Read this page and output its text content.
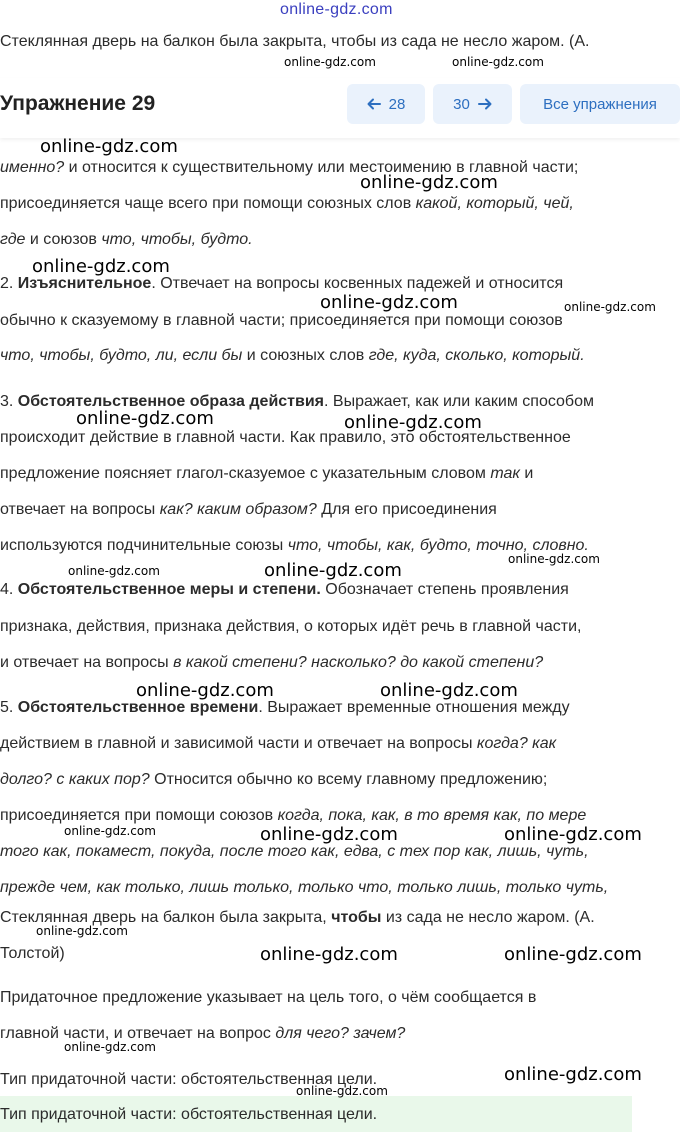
online-gdz.com
Стеклянная дверь на балкон была закрыта, чтобы из сада не несло жаром. (А.
Упражнение 29	28	30	Все упражнения
именно? и относится к существительному или местоимению в главной части;
присоединяется чаще всего при помощи союзных слов какой, который, чей,
где и союзов что, чтобы, будто.
2. Изъяснительное. Отвечает на вопросы косвенных падежей и относится
обычно к сказуемому в главной части; присоединяется при помощи союзов
что, чтобы, будто, ли, если бы и союзных слов где, куда, сколько, который.
3. Обстоятельственное образа действия. Выражает, как или каким способом
происходит действие в главной части. Как правило, это обстоятельственное
предложение поясняет глагол-сказуемое с указательным словом так и
отвечает на вопросы как? каким образом? Для его присоединения
используются подчинительные союзы что, чтобы, как, будто, точно, словно.
4. Обстоятельственное меры и степени. Обозначает степень проявления
признака, действия, признака действия, о которых идёт речь в главной части,
и отвечает на вопросы в какой степени? насколько? до какой степени?
5. Обстоятельственное времени. Выражает временные отношения между
действием в главной и зависимой части и отвечает на вопросы когда? как
долго? с каких пор? Относится обычно ко всему главному предложению;
присоединяется при помощи союзов когда, пока, как, в то время как, по мере
того как, покамест, покуда, после того как, едва, с тех пор как, лишь, чуть,
прежде чем, как только, лишь только, только что, только лишь, только чуть,
Стеклянная дверь на балкон была закрыта, чтобы из сада не несло жаром. (А.
Толстой)
Придаточное предложение указывает на цель того, о чём сообщается в
главной части, и отвечает на вопрос для чего? зачем?
Тип придаточной части: обстоятельственная цели.
Тип придаточной части: обстоятельственная цели.
online-gdz.com	online-gdz.com
online-gdz.com
online-gdz.com
online-gdz.com
online-gdz.com	online-gdz.com
online-gdz.com	online-gdz.com
online-gdz.com
online-gdz.com	online-gdz.com
online-gdz.com	online-gdz.com
online-gdz.com	online-gdz.com	online-gdz.com
online-gdz.com
online-gdz.com	online-gdz.com
online-gdz.com
online-gdz.com
online-gdz.com
